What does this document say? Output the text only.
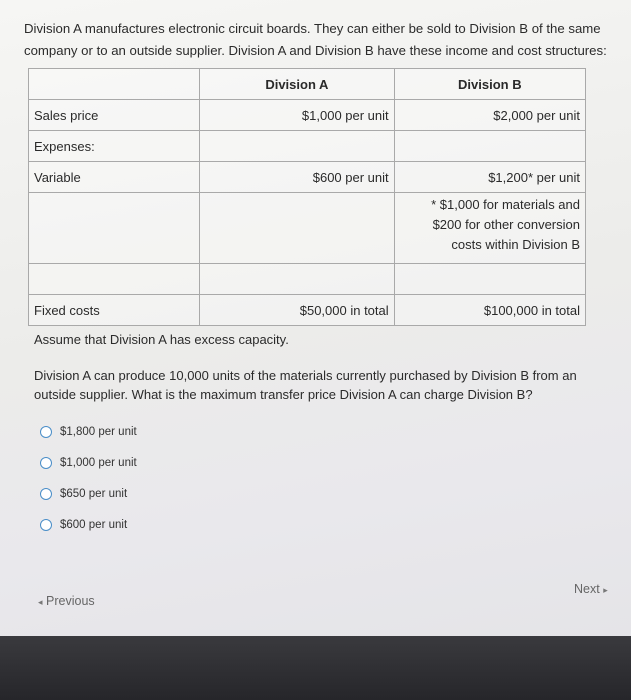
Division A manufactures electronic circuit boards. They can either be sold to Division B of the same company or to an outside supplier. Division A and Division B have these income and cost structures:
	Division A	Division B
Sales price	$1,000 per unit	$2,000 per unit
Expenses:		
Variable	$600 per unit	$1,200* per unit
		* $1,000 for materials and $200 for other conversion costs within Division B

Fixed costs	$50,000 in total	$100,000 in total

Assume that Division A has excess capacity.

Division A can produce 10,000 units of the materials currently purchased by Division B from an outside supplier. What is the maximum transfer price Division A can charge Division B?

$1,800 per unit
$1,000 per unit
$650 per unit
$600 per unit
◂ Previous
Next ▸
